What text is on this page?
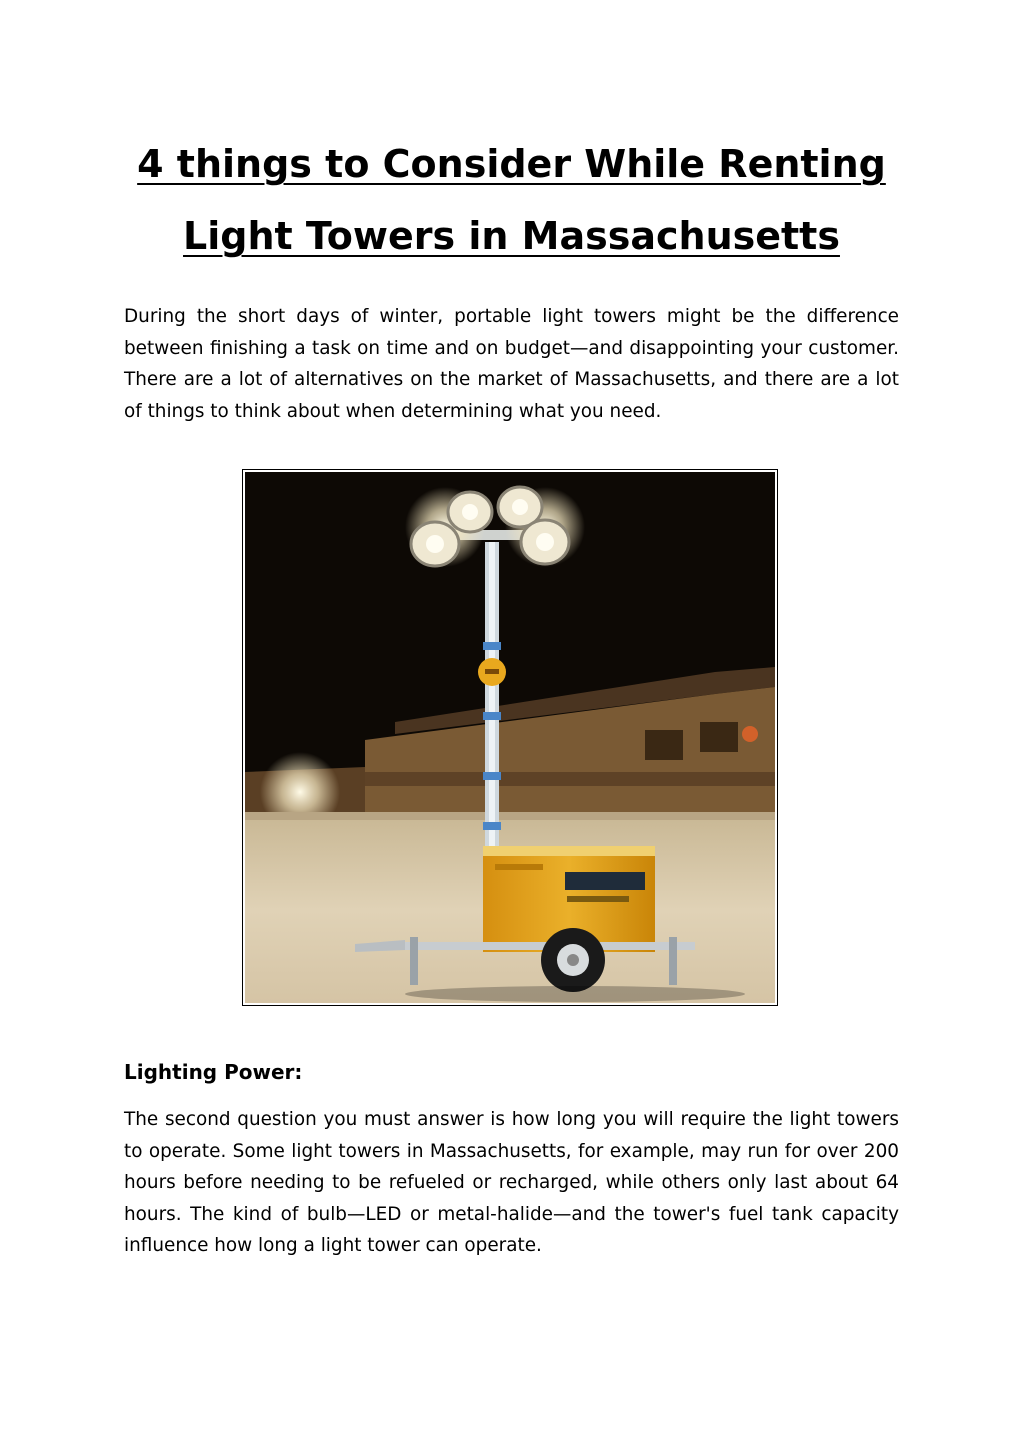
4 things to Consider While Renting Light Towers in Massachusetts

During the short days of winter, portable light towers might be the difference between finishing a task on time and on budget—and disappointing your customer. There are a lot of alternatives on the market of Massachusetts, and there are a lot of things to think about when determining what you need.

Lighting Power:

The second question you must answer is how long you will require the light towers to operate. Some light towers in Massachusetts, for example, may run for over 200 hours before needing to be refueled or recharged, while others only last about 64 hours. The kind of bulb—LED or metal-halide—and the tower's fuel tank capacity influence how long a light tower can operate.
